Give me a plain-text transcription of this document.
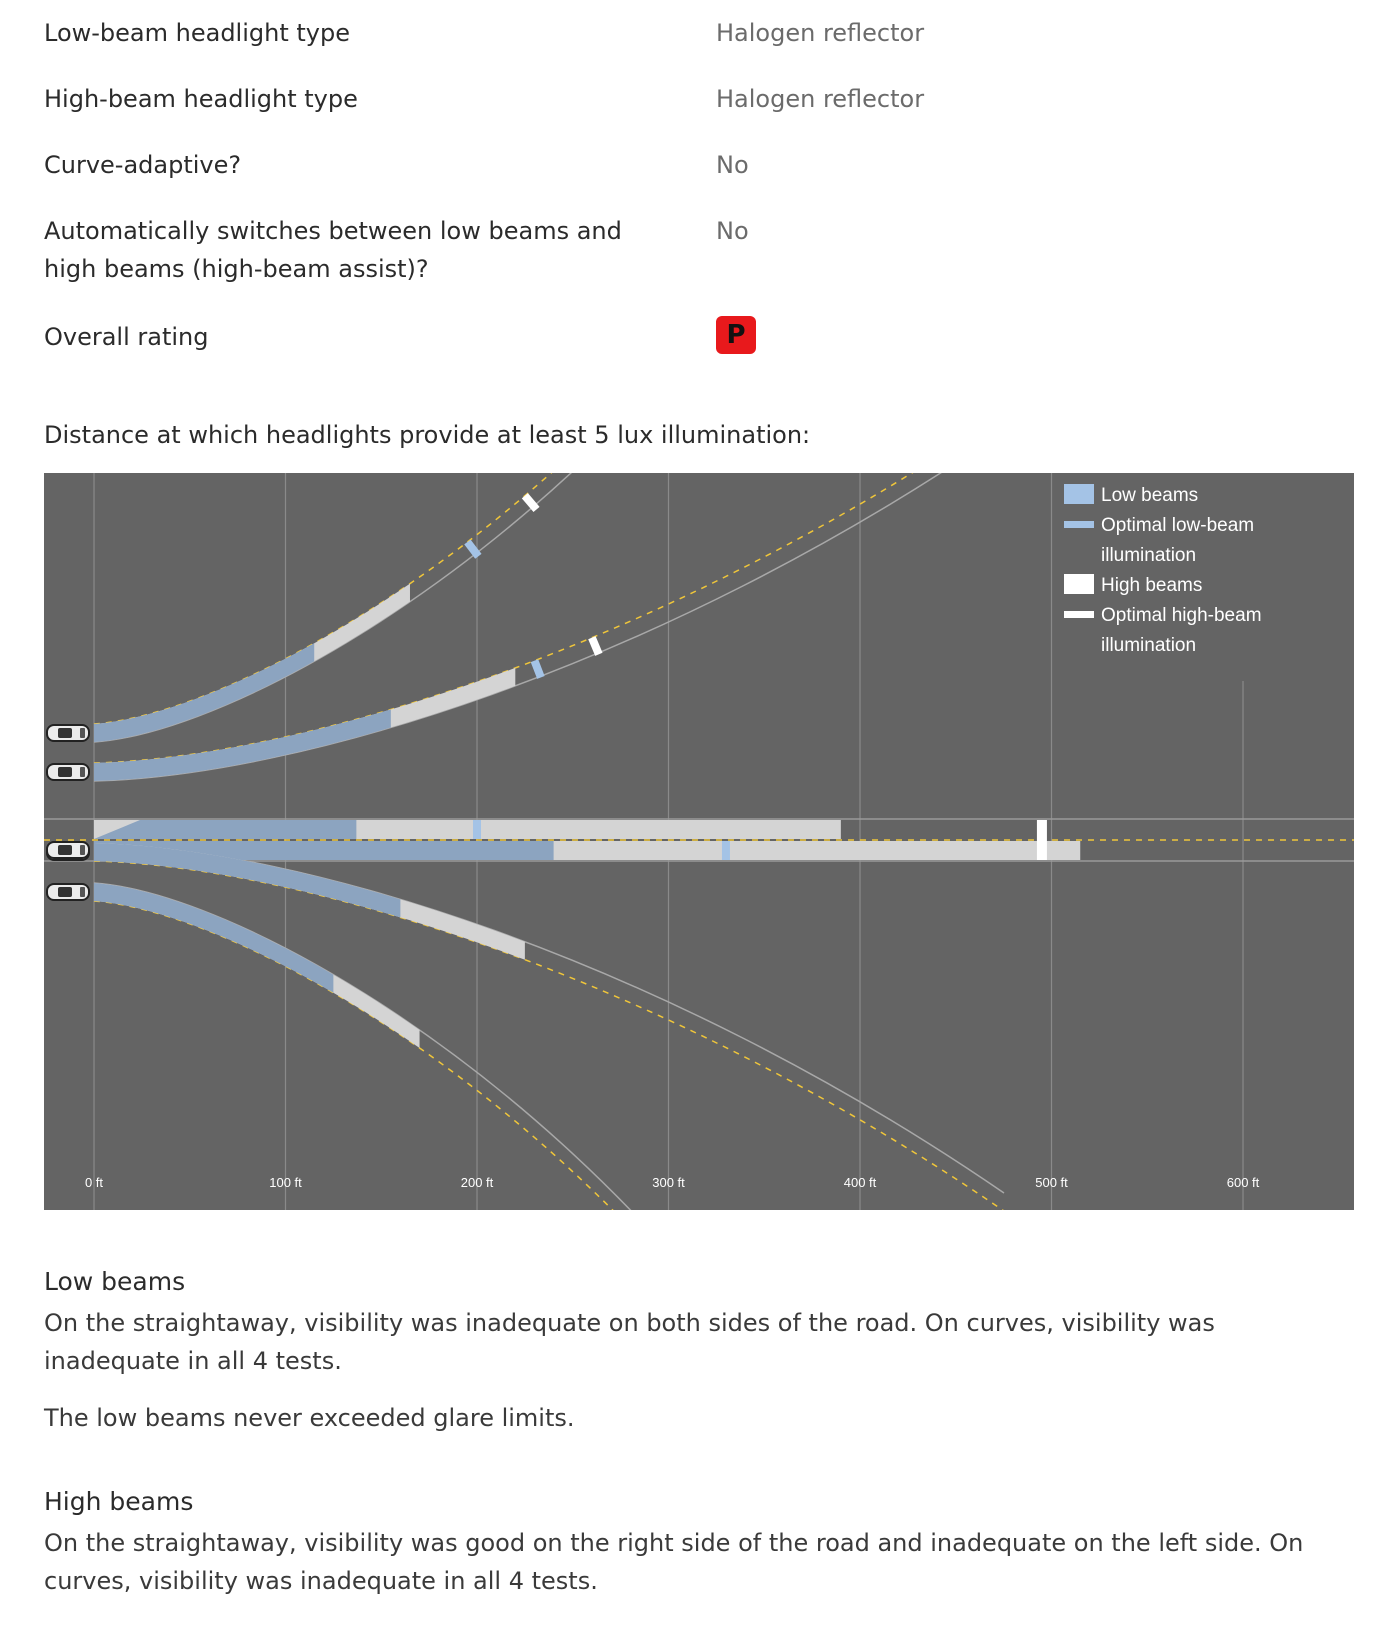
Low-beam headlight type	Halogen reflector
High-beam headlight type	Halogen reflector
Curve-adaptive?	No
Automatically switches between low beams and high beams (high-beam assist)?
No
Overall rating	P
Distance at which headlights provide at least 5 lux illumination:
0 ft	100 ft	200 ft	300 ft	400 ft	500 ft	600 ft
Low beams
Optimal low-beam illumination
High beams
Optimal high-beam illumination
Low beams
On the straightaway, visibility was inadequate on both sides of the road. On curves, visibility was inadequate in all 4 tests.
The low beams never exceeded glare limits.
High beams
On the straightaway, visibility was good on the right side of the road and inadequate on the left side. On curves, visibility was inadequate in all 4 tests.
